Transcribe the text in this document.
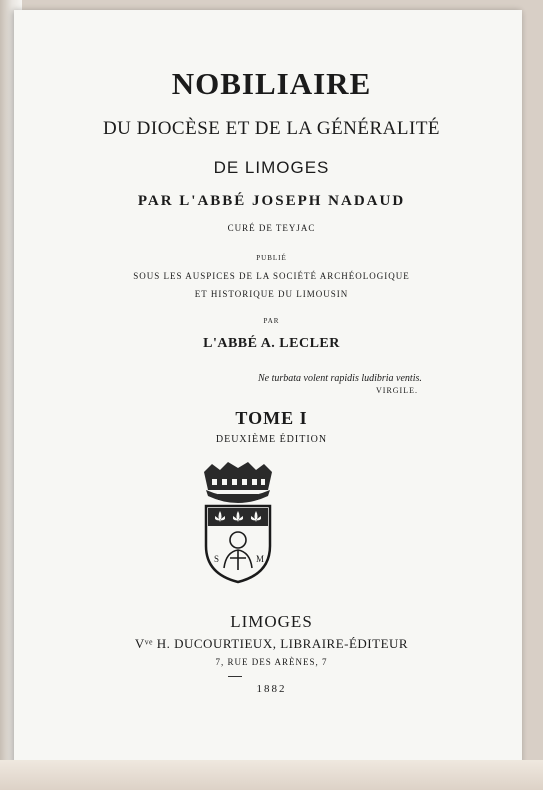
NOBILIAIRE
DU DIOCÈSE ET DE LA GÉNÉRALITÉ
DE LIMOGES
PAR L'ABBÉ JOSEPH NADAUD
CURÉ DE TEYJAC
PUBLIÉ
SOUS LES AUSPICES DE LA SOCIÉTÉ ARCHÉOLOGIQUE
ET HISTORIQUE DU LIMOUSIN
PAR
L'ABBÉ A. LECLER
Ne turbata volent rapidis ludibria ventis.
VIRGILE.
TOME I
DEUXIÈME ÉDITION
S	M
LIMOGES
Vᵛᵉ H. DUCOURTIEUX, LIBRAIRE-ÉDITEUR
7, RUE DES ARÈNES, 7
1882
